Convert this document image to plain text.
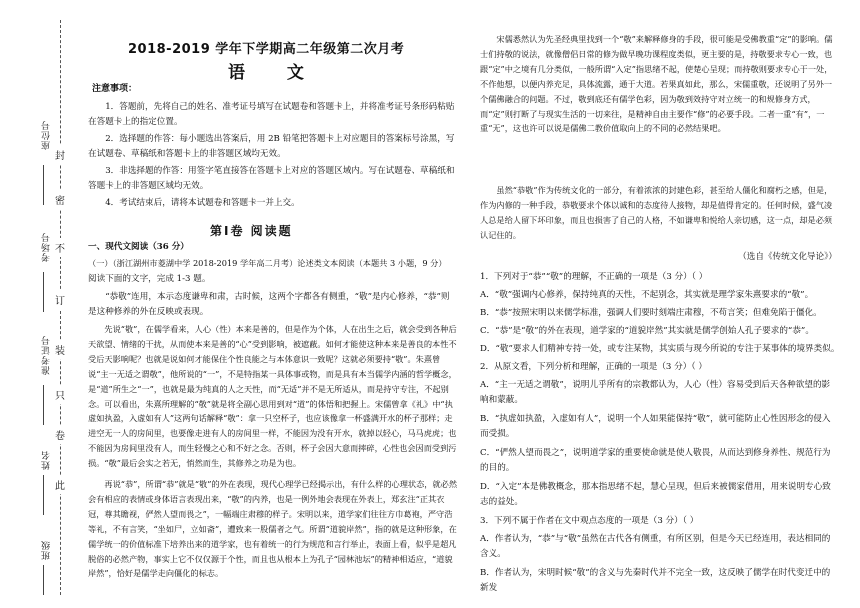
封
密
不
订
装
只
卷
此
座位号
考场号
准考证号
姓名
班级
2018-2019 学年下学期高二年级第二次月考
语 文
注意事项：

1．答题前，先将自己的姓名、准考证号填写在试题卷和答题卡上，并将准考证号条形码粘贴在答题卡上的指定位置。

2．选择题的作答：每小题选出答案后，用 2B 铅笔把答题卡上对应题目的答案标号涂黑，写在试题卷、草稿纸和答题卡上的非答题区域均无效。

3．非选择题的作答：用签字笔直接答在答题卡上对应的答题区域内。写在试题卷、草稿纸和答题卡上的非答题区域均无效。

4．考试结束后，请将本试题卷和答题卡一并上交。

第Ⅰ卷 阅读题
一、现代文阅读（36 分）
（一）（浙江湖州市菱湖中学 2018-2019 学年高二月考）论述类文本阅读（本题共 3 小题，9 分）
阅读下面的文字，完成 1-3 题。

“恭敬”连用，本示态度谦卑和肃，古时候，这两个字都各有侧重，“敬”是内心修养，“恭”则是这种修养的外在反映或表现。

先说“敬”，在儒学看来，人心（性）本来是善的，但是作为个体，人在出生之后，就会受到各种后天欲望、情绪的干扰，从而使本来是善的“心”受到影响，被遮蔽。如何才能使这种本来是善良的本性不受后天影响呢？也就是说如何才能保住个性良能之与本体意识一致呢？这就必须要持“敬”。朱熹曾说“主一无适之谓敬”，他所说的“一”，不是特指某一具体事或物，而是具有本当儒学内涵的哲学概念，是“道”所生之“一”，也就是最为纯真的人之天性，而“无适”并不是无所适从，而是持守专注，不起别念。可以看出，朱熹所理解的“敬”就是将全副心思用到对“道”的体悟和把握上。宋儒曾拿《礼》中“执虚如执盈，入虚如有人”这两句话解释“敬”：拿一只空杯子，也应该像拿一杯盛满开水的杯子那样；走进空无一人的房间里，也要像走进有人的房间里一样，不能因为没有开水，就掉以轻心，马马虎虎；也不能因为房间里没有人，而生轻慢之心和不好之念。否则，杯子会因大意而摔碎，心性也会因而受到污损。“敬”最后会实之若无，悄然而生，其修养之功是为也。

再说“恭”，所谓“恭”就是“敬”的外在表现，现代心理学已经揭示出，有什么样的心理状态，就必然会有相应的表情或身体语言表现出来，“敬”的内养，也是一例外地会表现在外表上，郑玄注“正其衣冠，尊其瞻视，俨然人望而畏之”，一幅端庄肃穆的样子。宋明以来，道学家们往往方巾葛袍，严守浩等礼，不有言笑，“坐如尸，立如斋”，遭致来一股儒者之气。所谓“道貌岸然”，指的就是这种形象，在儒学统一的价值标准下培养出来的道学家，也有着统一的行为规范和言行举止，表面上看，似乎是超凡脱俗的必然产物，事实上它不仅仅源于个性，而且也从根本上为孔子“园林池坛”的精神相适应，“道貌岸然”，恰好是儒学走向僵化的标志。

宋儒悉然认为先圣经典里找到一个“敬”来解释修身的手段，很可能是受佛教重“定”的影响。儒士们持敬的说法，就像僧侣日常的修为做早晚功课程度类似，更主要的是，持敬要求专心一致，也跟“定”中之境有几分类似，一般所谓“入定”指思绪不起，使楚心呈现；而持敬则要求专心于一处，不作他想，以便内养充足，具体流露，通于大道。若果真如此，那么，宋儒重敬，还说明了另外一个儒佛融合的问题。不过，敬到底还有儒学色彩，因为敬到效持守对立统一的和规修身方式，而“定”则打断了与现实生活的一切来往，是精神自由主要作“修”的必要手段。二者一重“有”，一重“无”，这也许可以说是儒佛二教价值取向上的不同的必然结果吧。

虽然“恭敬”作为传统文化的一部分，有着浓浓的封建色彩，甚至给人僵化和腐朽之感，但是，作为内修的一种手段，恭敬要求个体以诚和的态度待人接物，却是值得肯定的。任何时候，盛气凌人总是给人留下坏印象，而且也损害了自己的人格，不如谦卑和悦给人亲切感，这一点，却是必须认记住的。

（选自《传统文化导论》）
1．下列对于“恭”“敬”的理解，不正确的一项是（3 分）（ ）
A．“敬”强调内心修养，保持纯真的天性，不起别念，其实就是理学家朱熹要求的“敬”。
B．“恭”按照宋明以来儒学标准，强调人们要时刻端庄肃穆，不苟言笑；但难免陷于僵化。
C．“恭”是“敬”的外在表现，道学家的“道貌岸然”其实就是儒学创始人孔子要求的“恭”。
D．“敬”要求人们精神专持一处，或专注某物，其实质与现今所说的专注于某事体的境界类似。
2．从原文看，下列分析和理解，正确的一项是（3 分）（ ）

A．“主一无适之谓敬”，说明儿乎所有的宗教都认为，人心（性）容易受到后天各种欲望的影响和蒙蔽。

B．“执虚如执盈，入虚如有人”，说明一个人如果能保持“敬”，就可能防止心性因形念的侵入而受损。

C．“俨然人望而畏之”，说明道学家的重要使命就是使人敬畏，从而达到修身养性、规范行为的目的。

D．“入定”本是佛教概念，那本指思绪不起，慧心呈现，但后来被儒家借用，用来说明专心致志的益处。

3．下列不属于作者在文中观点态度的一项是（3 分）（ ）

A．作者认为，“恭”与“敬”虽然在古代各有侧重，有所区别，但是今天已经连用，表达相同的含义。

B．作者认为，宋明时候“敬”的含义与先秦时代并不完全一致，这反映了儒学在时代变迁中的新发
